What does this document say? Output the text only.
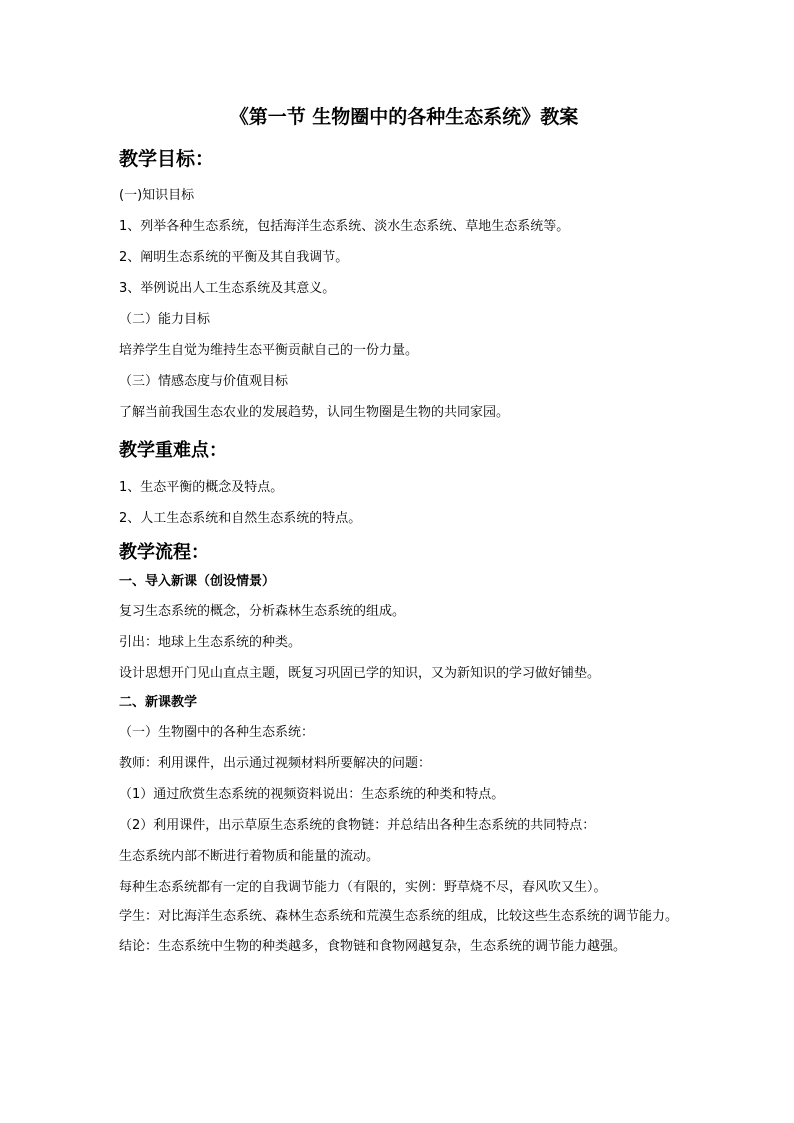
《第一节 生物圈中的各种生态系统》教案
教学目标：

(一)知识目标

1、列举各种生态系统，包括海洋生态系统、淡水生态系统、草地生态系统等。

2、阐明生态系统的平衡及其自我调节。

3、举例说出人工生态系统及其意义。

（二）能力目标

培养学生自觉为维持生态平衡贡献自己的一份力量。

（三）情感态度与价值观目标

了解当前我国生态农业的发展趋势，认同生物圈是生物的共同家园。

教学重难点：

1、生态平衡的概念及特点。

2、人工生态系统和自然生态系统的特点。

教学流程：

一、导入新课（创设情景）

复习生态系统的概念，分析森林生态系统的组成。

引出：地球上生态系统的种类。

设计思想开门见山直点主题，既复习巩固已学的知识，又为新知识的学习做好铺垫。

二、新课教学

（一）生物圈中的各种生态系统：

教师：利用课件，出示通过视频材料所要解决的问题：

（1）通过欣赏生态系统的视频资料说出：生态系统的种类和特点。

（2）利用课件，出示草原生态系统的食物链：并总结出各种生态系统的共同特点：

生态系统内部不断进行着物质和能量的流动。

每种生态系统都有一定的自我调节能力（有限的，实例：野草烧不尽，春风吹又生）。

学生：对比海洋生态系统、森林生态系统和荒漠生态系统的组成，比较这些生态系统的调节能力。

结论：生态系统中生物的种类越多，食物链和食物网越复杂，生态系统的调节能力越强。
